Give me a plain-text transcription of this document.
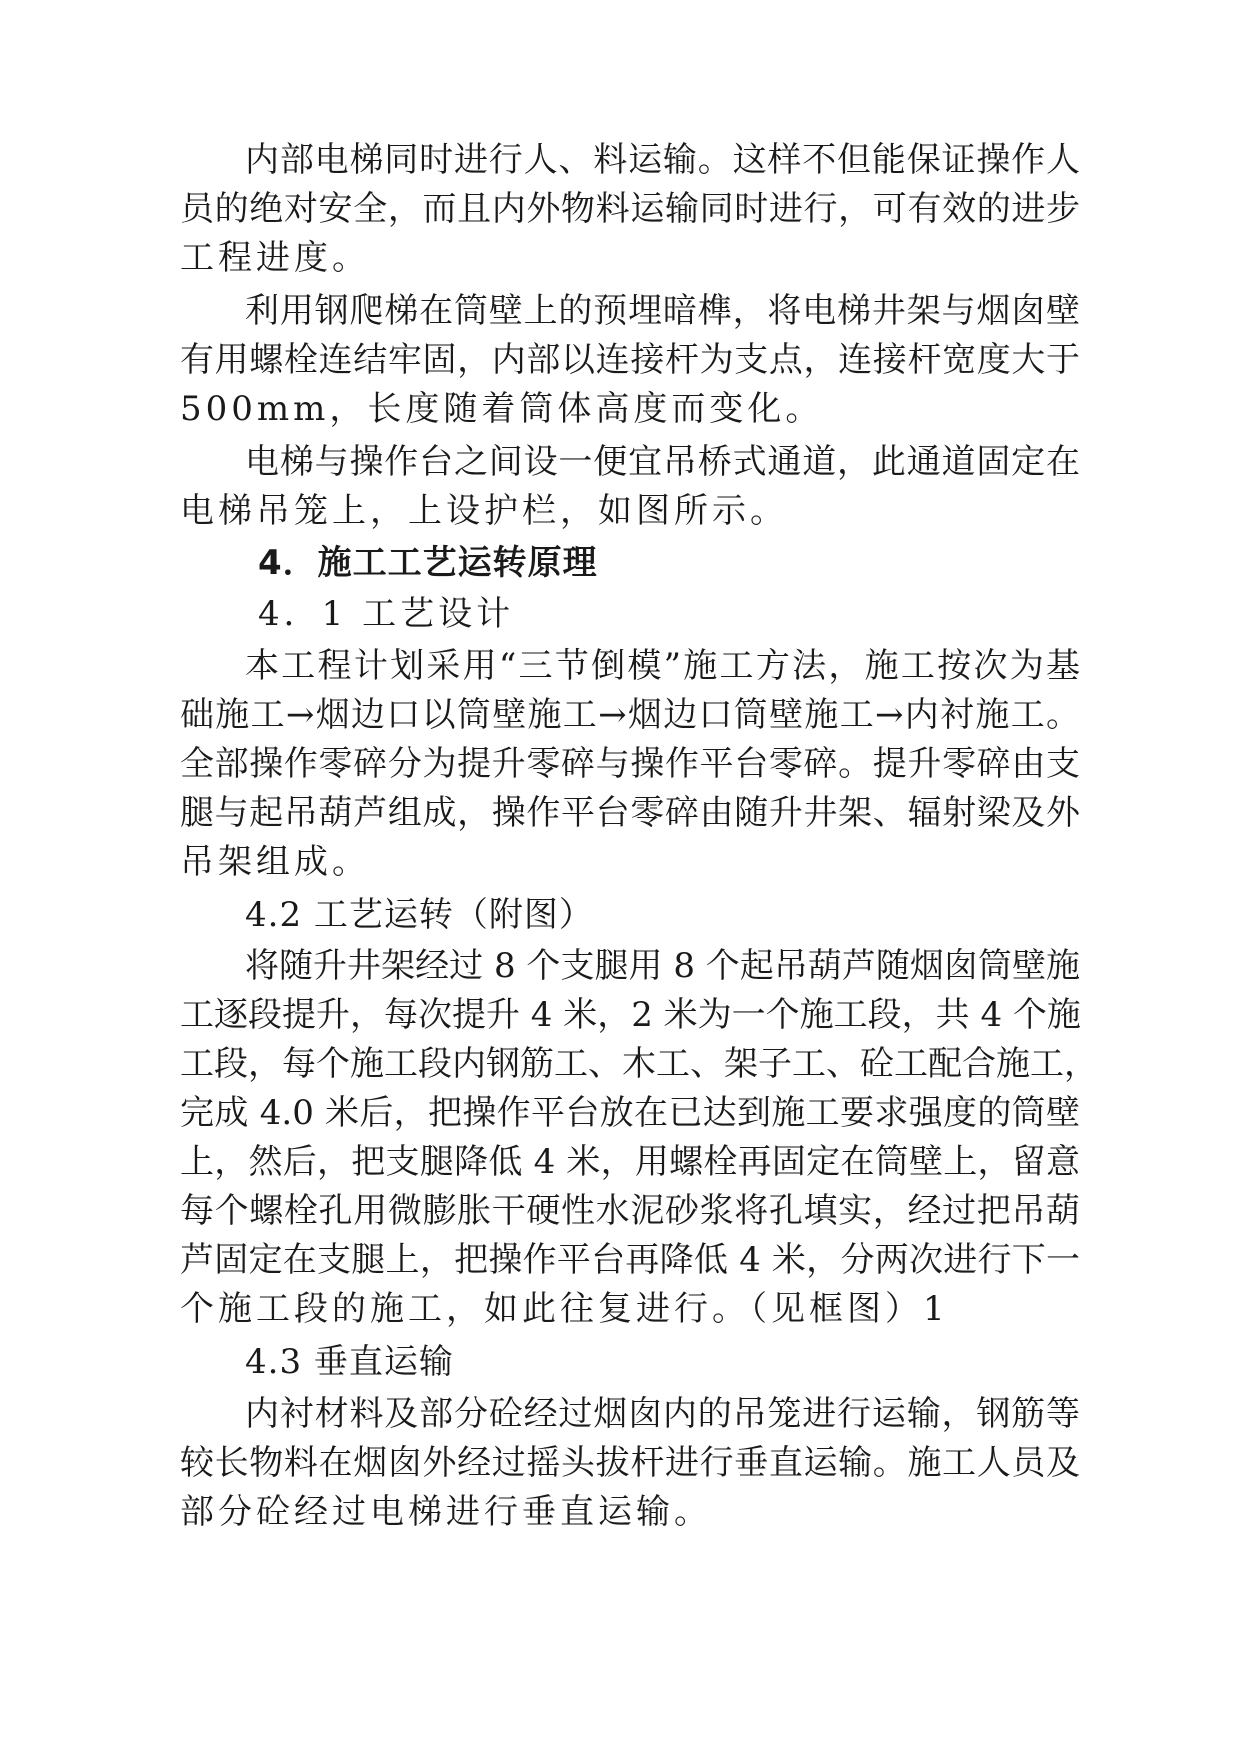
内部电梯同时进行人、料运输。这样不但能保证操作人
员的绝对安全，而且内外物料运输同时进行，可有效的进步
工程进度。
利用钢爬梯在筒壁上的预埋暗榫，将电梯井架与烟囱壁
有用螺栓连结牢固，内部以连接杆为支点，连接杆宽度大于
500mm，长度随着筒体高度而变化。
电梯与操作台之间设一便宜吊桥式通道，此通道固定在
电梯吊笼上，上设护栏，如图所示。
4．施工工艺运转原理
4．1 工艺设计
本工程计划采用“三节倒模”施工方法，施工按次为基
础施工→烟边口以筒壁施工→烟边口筒壁施工→内衬施工。
全部操作零碎分为提升零碎与操作平台零碎。提升零碎由支
腿与起吊葫芦组成，操作平台零碎由随升井架、辐射梁及外
吊架组成。
4.2 工艺运转（附图）
将随升井架经过 8 个支腿用 8 个起吊葫芦随烟囱筒壁施
工逐段提升，每次提升 4 米，2 米为一个施工段，共 4 个施
工段，每个施工段内钢筋工、木工、架子工、砼工配合施工，
完成 4.0 米后，把操作平台放在已达到施工要求强度的筒壁
上，然后，把支腿降低 4 米，用螺栓再固定在筒壁上，留意
每个螺栓孔用微膨胀干硬性水泥砂浆将孔填实，经过把吊葫
芦固定在支腿上，把操作平台再降低 4 米，分两次进行下一
个施工段的施工，如此往复进行。（见框图）1
4.3 垂直运输
内衬材料及部分砼经过烟囱内的吊笼进行运输，钢筋等
较长物料在烟囱外经过摇头拔杆进行垂直运输。施工人员及
部分砼经过电梯进行垂直运输。
